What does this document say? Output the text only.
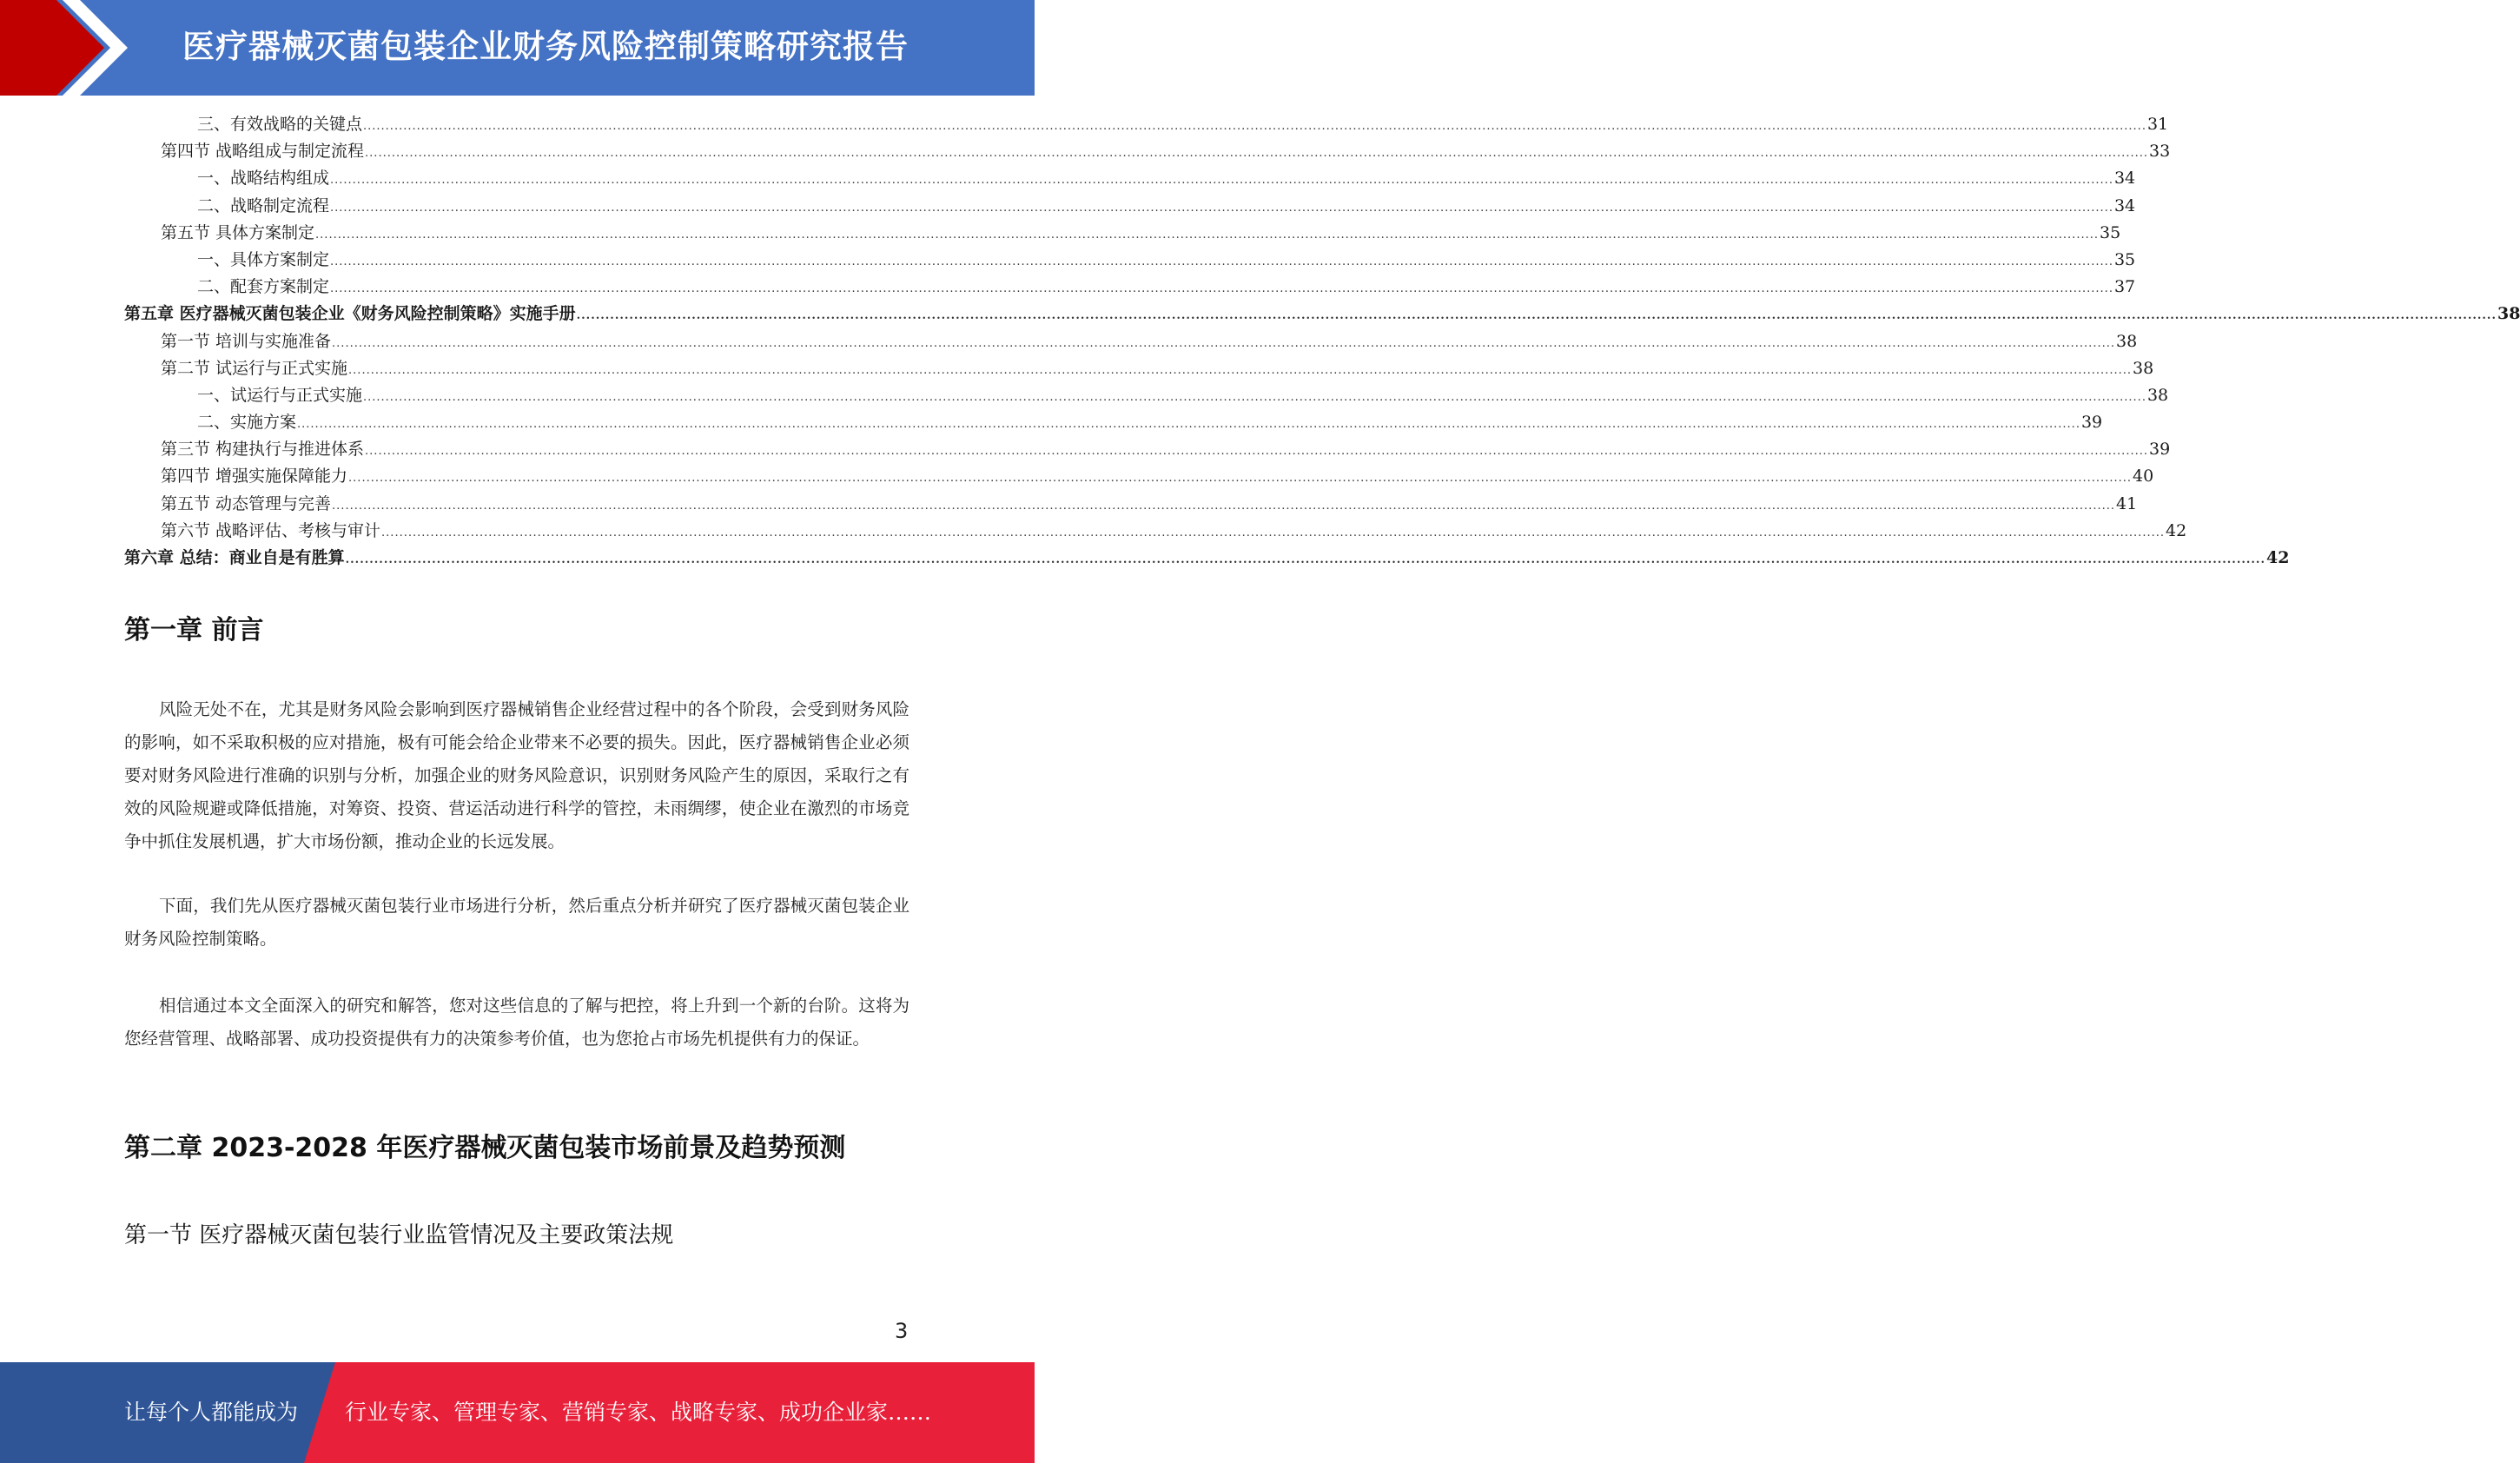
医疗器械灭菌包装企业财务风险控制策略研究报告
三、有效战略的关键点 ................................................................................................................................................................................................................................................................................................................................................................................................................ 31
第四节 战略组成与制定流程 ................................................................................................................................................................................................................................................................................................................................................................................................................ 33
一、战略结构组成 ................................................................................................................................................................................................................................................................................................................................................................................................................ 34
二、战略制定流程 ................................................................................................................................................................................................................................................................................................................................................................................................................ 34
第五节 具体方案制定 ................................................................................................................................................................................................................................................................................................................................................................................................................ 35
一、具体方案制定 ................................................................................................................................................................................................................................................................................................................................................................................................................ 35
二、配套方案制定 ................................................................................................................................................................................................................................................................................................................................................................................................................ 37
第五章 医疗器械灭菌包装企业《财务风险控制策略》实施手册 ................................................................................................................................................................................................................................................................................................................................................................................................................ 38
第一节 培训与实施准备 ................................................................................................................................................................................................................................................................................................................................................................................................................ 38
第二节 试运行与正式实施 ................................................................................................................................................................................................................................................................................................................................................................................................................ 38
一、试运行与正式实施 ................................................................................................................................................................................................................................................................................................................................................................................................................ 38
二、实施方案 ................................................................................................................................................................................................................................................................................................................................................................................................................ 39
第三节 构建执行与推进体系 ................................................................................................................................................................................................................................................................................................................................................................................................................ 39
第四节 增强实施保障能力 ................................................................................................................................................................................................................................................................................................................................................................................................................ 40
第五节 动态管理与完善 ................................................................................................................................................................................................................................................................................................................................................................................................................ 41
第六节 战略评估、考核与审计 ................................................................................................................................................................................................................................................................................................................................................................................................................ 42
第六章 总结：商业自是有胜算 ................................................................................................................................................................................................................................................................................................................................................................................................................ 42
第一章 前言

风险无处不在，尤其是财务风险会影响到医疗器械销售企业经营过程中的各个阶段，会受到财务风险的影响，如不采取积极的应对措施，极有可能会给企业带来不必要的损失。因此，医疗器械销售企业必须要对财务风险进行准确的识别与分析，加强企业的财务风险意识，识别财务风险产生的原因，采取行之有效的风险规避或降低措施，对筹资、投资、营运活动进行科学的管控，未雨绸缪，使企业在激烈的市场竞争中抓住发展机遇，扩大市场份额，推动企业的长远发展。

下面，我们先从医疗器械灭菌包装行业市场进行分析，然后重点分析并研究了医疗器械灭菌包装企业财务风险控制策略。

相信通过本文全面深入的研究和解答，您对这些信息的了解与把控，将上升到一个新的台阶。这将为您经营管理、战略部署、成功投资提供有力的决策参考价值，也为您抢占市场先机提供有力的保证。

第二章 2023-2028 年医疗器械灭菌包装市场前景及趋势预测
第一节 医疗器械灭菌包装行业监管情况及主要政策法规
3
让每个人都能成为 行业专家、管理专家、营销专家、战略专家、成功企业家……
